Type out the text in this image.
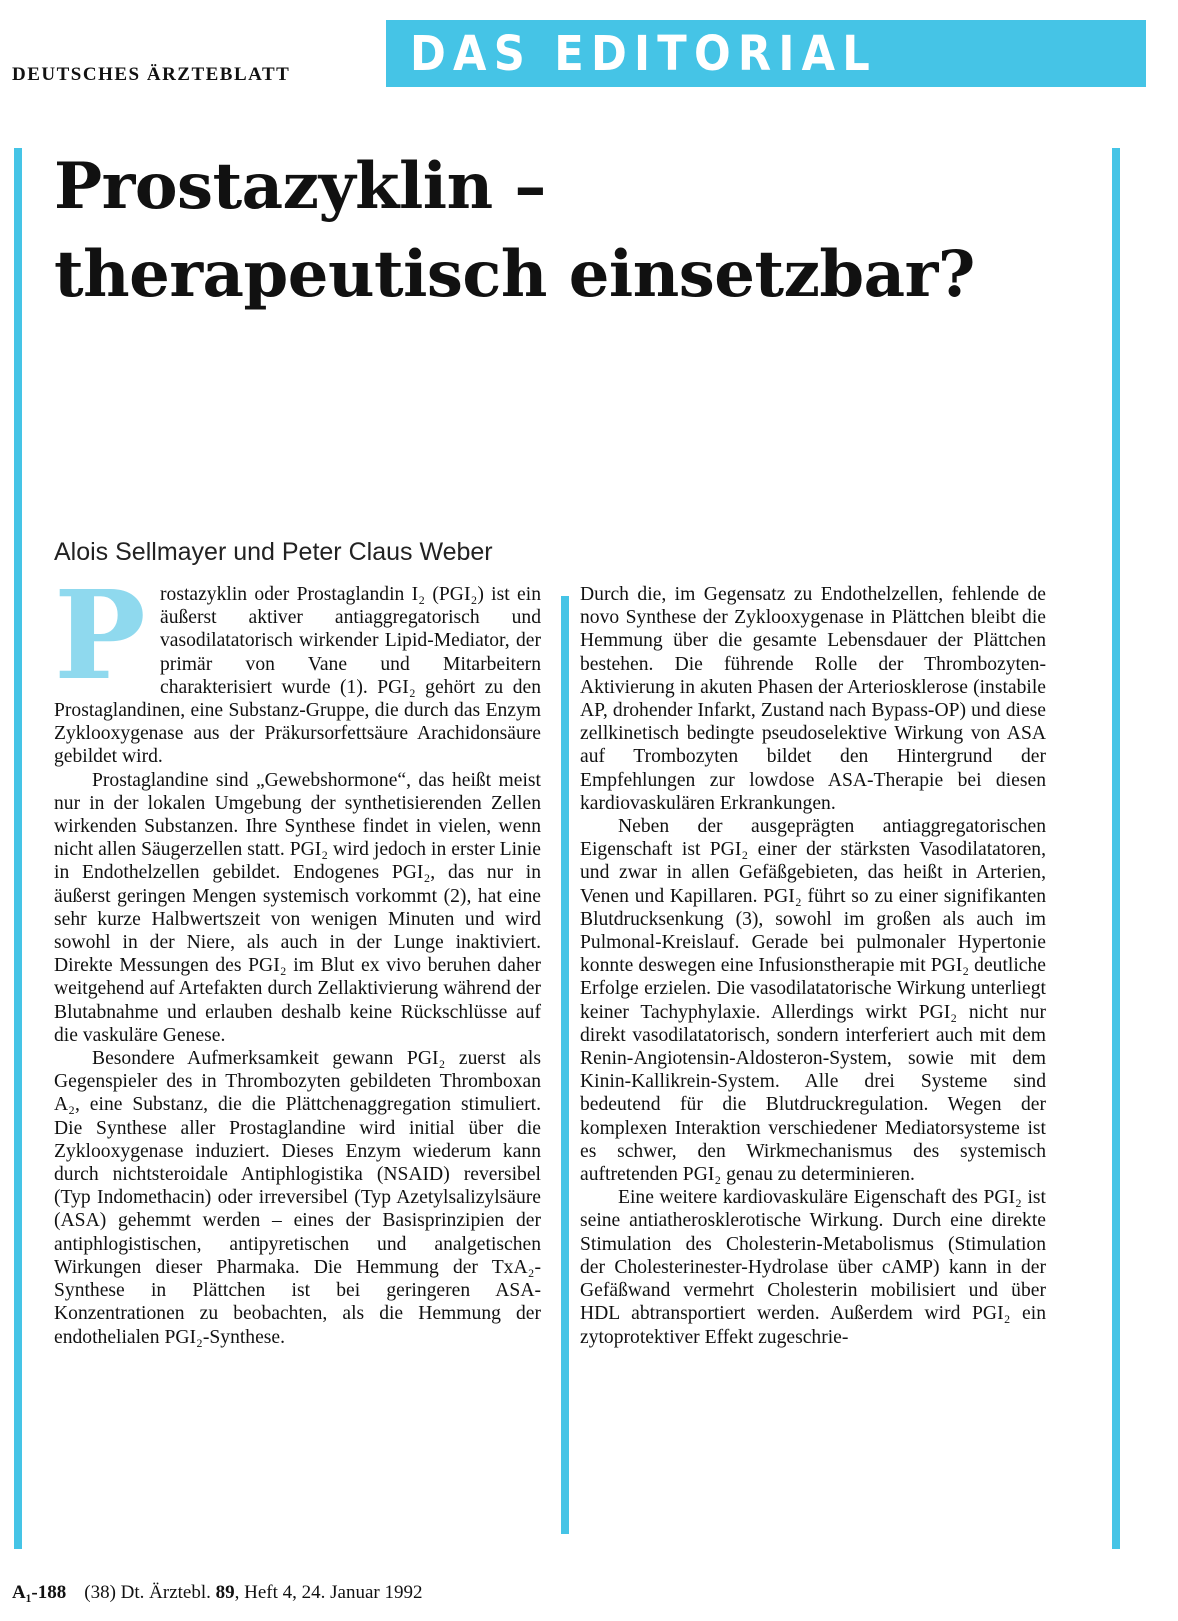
DEUTSCHES ÄRZTEBLATT DAS EDITORIAL
Prostazyklin –
therapeutisch einsetzbar?
Alois Sellmayer und Peter Claus Weber

Prostazyklin oder Prostaglandin I₂ (PGI₂) ist ein äußerst aktiver antiaggregatorisch und vasodilatatorisch wirkender Lipid-Mediator, der primär von Vane und Mitarbeitern charakterisiert wurde (1). PGI₂ gehört zu den Prostaglandinen, eine Substanz-Gruppe, die durch das Enzym Zyklooxygenase aus der Präkursorfettsäure Arachidonsäure gebildet wird.

Prostaglandine sind „Gewebshormone“, das heißt meist nur in der lokalen Umgebung der synthetisierenden Zellen wirkenden Substanzen. Ihre Synthese findet in vielen, wenn nicht allen Säugerzellen statt. PGI₂ wird jedoch in erster Linie in Endothelzellen gebildet. Endogenes PGI₂, das nur in äußerst geringen Mengen systemisch vorkommt (2), hat eine sehr kurze Halbwertszeit von wenigen Minuten und wird sowohl in der Niere, als auch in der Lunge inaktiviert. Direkte Messungen des PGI₂ im Blut ex vivo beruhen daher weitgehend auf Artefakten durch Zellaktivierung während der Blutabnahme und erlauben deshalb keine Rückschlüsse auf die vaskuläre Genese.

Besondere Aufmerksamkeit gewann PGI₂ zuerst als Gegenspieler des in Thrombozyten gebildeten Thromboxan A₂, eine Substanz, die die Plättchenaggregation stimuliert. Die Synthese aller Prostaglandine wird initial über die Zyklooxygenase induziert. Dieses Enzym wiederum kann durch nichtsteroidale Antiphlogistika (NSAID) reversibel (Typ Indomethacin) oder irreversibel (Typ Azetylsalizylsäure (ASA) gehemmt werden – eines der Basisprinzipien der antiphlogistischen, antipyretischen und analgetischen Wirkungen dieser Pharmaka. Die Hemmung der TxA₂-Synthese in Plättchen ist bei geringeren ASA-Konzentrationen zu beobachten, als die Hemmung der endothelialen PGI₂-Synthese.

Durch die, im Gegensatz zu Endothelzellen, fehlende de novo Synthese der Zyklooxygenase in Plättchen bleibt die Hemmung über die gesamte Lebensdauer der Plättchen bestehen. Die führende Rolle der Thrombozyten-Aktivierung in akuten Phasen der Arteriosklerose (instabile AP, drohender Infarkt, Zustand nach Bypass-OP) und diese zellkinetisch bedingte pseudoselektive Wirkung von ASA auf Trombozyten bildet den Hintergrund der Empfehlungen zur lowdose ASA-Therapie bei diesen kardiovaskulären Erkrankungen.

Neben der ausgeprägten antiaggregatorischen Eigenschaft ist PGI₂ einer der stärksten Vasodilatatoren, und zwar in allen Gefäßgebieten, das heißt in Arterien, Venen und Kapillaren. PGI₂ führt so zu einer signifikanten Blutdrucksenkung (3), sowohl im großen als auch im Pulmonal-Kreislauf. Gerade bei pulmonaler Hypertonie konnte deswegen eine Infusionstherapie mit PGI₂ deutliche Erfolge erzielen. Die vasodilatatorische Wirkung unterliegt keiner Tachyphylaxie. Allerdings wirkt PGI₂ nicht nur direkt vasodilatatorisch, sondern interferiert auch mit dem Renin-Angiotensin-Aldosteron-System, sowie mit dem Kinin-Kallikrein-System. Alle drei Systeme sind bedeutend für die Blutdruckregulation. Wegen der komplexen Interaktion verschiedener Mediatorsysteme ist es schwer, den Wirkmechanismus des systemisch auftretenden PGI₂ genau zu determinieren.

Eine weitere kardiovaskuläre Eigenschaft des PGI₂ ist seine antiatherosklerotische Wirkung. Durch eine direkte Stimulation des Cholesterin-Metabolismus (Stimulation der Cholesterinester-Hydrolase über cAMP) kann in der Gefäßwand vermehrt Cholesterin mobilisiert und über HDL abtransportiert werden. Außerdem wird PGI₂ ein zytoprotektiver Effekt zugeschrie-

A₁-188 (38) Dt. Ärztebl. 89, Heft 4, 24. Januar 1992
